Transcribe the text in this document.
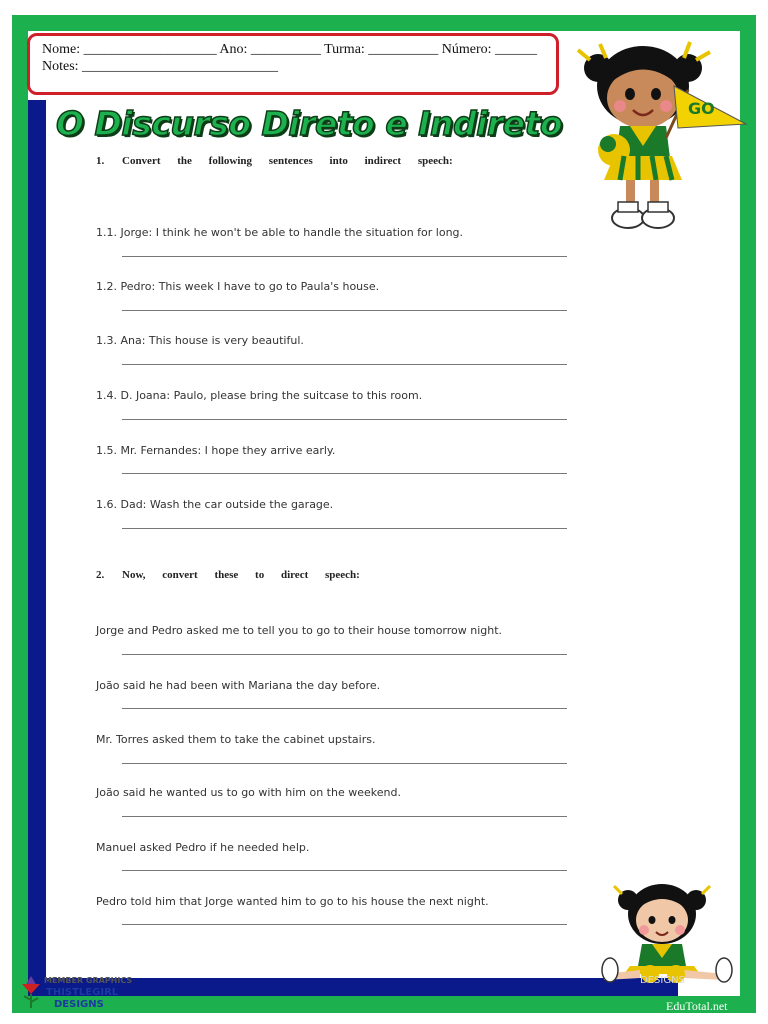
Nome: ___________________ Ano: __________ Turma: __________ Número: ______
Notes: ____________________________
O Discurso Direto e Indireto
1. Convert the following sentences into indirect speech:
1.1. Jorge: I think he won't be able to handle the situation for long.
1.2. Pedro: This week I have to go to Paula's house.
1.3. Ana: This house is very beautiful.
1.4. D. Joana: Paulo, please bring the suitcase to this room.
1.5. Mr. Fernandes: I hope they arrive early.
1.6. Dad: Wash the car outside the garage.
2. Now, convert these to direct speech:
Jorge and Pedro asked me to tell you to go to their house tomorrow night.
João said he had been with Mariana the day before.
Mr. Torres asked them to take the cabinet upstairs.
João said he wanted us to go with him on the weekend.
Manuel asked Pedro if he needed help.
Pedro told him that Jorge wanted him to go to his house the next night.
GO
MEMBER GRAPHICS
THISTLEGIRL
DESIGNS
DESIGNS
EduTotal.net
